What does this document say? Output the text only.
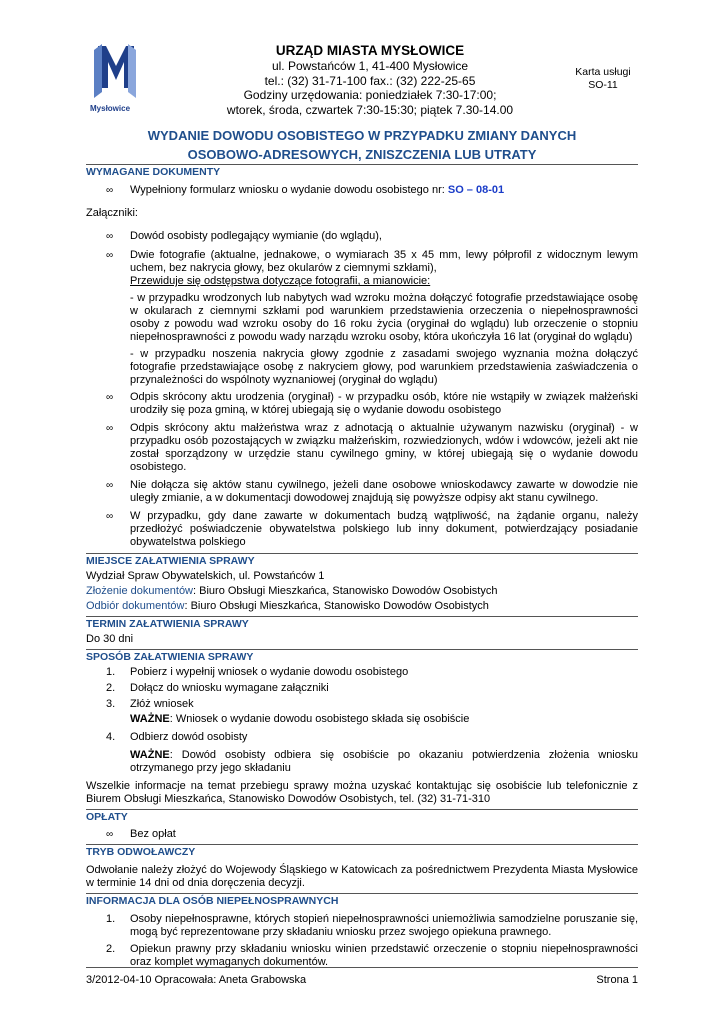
Mysłowice
URZĄD MIASTA MYSŁOWICE
ul. Powstańców 1, 41-400 Mysłowice
tel.: (32) 31-71-100 fax.: (32) 222-25-65
Godziny urzędowania: poniedziałek 7:30-17:00;
wtorek, środa, czwartek 7:30-15:30; piątek 7.30-14.00
Karta usługi
SO-11
WYDANIE DOWODU OSOBISTEGO W PRZYPADKU ZMIANY DANYCH
OSOBOWO-ADRESOWYCH, ZNISZCZENIA LUB UTRATY
WYMAGANE DOKUMENTY
∞ Wypełniony formularz wniosku o wydanie dowodu osobistego nr: SO – 08-01
Załączniki:
∞ Dowód osobisty podlegający wymianie (do wglądu),
∞ Dwie fotografie (aktualne, jednakowe, o wymiarach 35 x 45 mm, lewy półprofil z widocznym lewym uchem, bez nakrycia głowy, bez okularów z ciemnymi szkłami),
Przewiduje się odstępstwa dotyczące fotografii, a mianowicie:
- w przypadku wrodzonych lub nabytych wad wzroku można dołączyć fotografie przedstawiające osobę w okularach z ciemnymi szkłami pod warunkiem przedstawienia orzeczenia o niepełnosprawności osoby z powodu wad wzroku osoby do 16 roku życia (oryginał do wglądu) lub orzeczenie o stopniu niepełnosprawności z powodu wady narządu wzroku osoby, która ukończyła 16 lat (oryginał do wglądu)
- w przypadku noszenia nakrycia głowy zgodnie z zasadami swojego wyznania można dołączyć fotografie przedstawiające osobę z nakryciem głowy, pod warunkiem przedstawienia zaświadczenia o przynależności do wspólnoty wyznaniowej (oryginał do wglądu)
∞ Odpis skrócony aktu urodzenia (oryginał) - w przypadku osób, które nie wstąpiły w związek małżeński urodziły się poza gminą, w której ubiegają się o wydanie dowodu osobistego
∞ Odpis skrócony aktu małżeństwa wraz z adnotacją o aktualnie używanym nazwisku (oryginał) - w przypadku osób pozostających w związku małżeńskim, rozwiedzionych, wdów i wdowców, jeżeli akt nie został sporządzony w urzędzie stanu cywilnego gminy, w której ubiegają się o wydanie dowodu osobistego.
∞ Nie dołącza się aktów stanu cywilnego, jeżeli dane osobowe wnioskodawcy zawarte w dowodzie nie uległy zmianie, a w dokumentacji dowodowej znajdują się powyższe odpisy akt stanu cywilnego.
∞ W przypadku, gdy dane zawarte w dokumentach budzą wątpliwość, na żądanie organu, należy przedłożyć poświadczenie obywatelstwa polskiego lub inny dokument, potwierdzający posiadanie obywatelstwa polskiego
MIEJSCE ZAŁATWIENIA SPRAWY
Wydział Spraw Obywatelskich, ul. Powstańców 1
Złożenie dokumentów: Biuro Obsługi Mieszkańca, Stanowisko Dowodów Osobistych
Odbiór dokumentów: Biuro Obsługi Mieszkańca, Stanowisko Dowodów Osobistych
TERMIN ZAŁATWIENIA SPRAWY
Do 30 dni
SPOSÓB ZAŁATWIENIA SPRAWY
1. Pobierz i wypełnij wniosek o wydanie dowodu osobistego
2. Dołącz do wniosku wymagane załączniki
3. Złóż wniosek
WAŻNE: Wniosek o wydanie dowodu osobistego składa się osobiście
4. Odbierz dowód osobisty
WAŻNE: Dowód osobisty odbiera się osobiście po okazaniu potwierdzenia złożenia wniosku otrzymanego przy jego składaniu
Wszelkie informacje na temat przebiegu sprawy można uzyskać kontaktując się osobiście lub telefonicznie z Biurem Obsługi Mieszkańca, Stanowisko Dowodów Osobistych, tel. (32) 31-71-310
OPŁATY
∞ Bez opłat
TRYB ODWOŁAWCZY
Odwołanie należy złożyć do Wojewody Śląskiego w Katowicach za pośrednictwem Prezydenta Miasta Mysłowice w terminie 14 dni od dnia doręczenia decyzji.
INFORMACJA DLA OSÓB NIEPEŁNOSPRAWNYCH
1. Osoby niepełnosprawne, których stopień niepełnosprawności uniemożliwia samodzielne poruszanie się, mogą być reprezentowane przy składaniu wniosku przez swojego opiekuna prawnego.
2. Opiekun prawny przy składaniu wniosku winien przedstawić orzeczenie o stopniu niepełnosprawności oraz komplet wymaganych dokumentów.
3/2012-04-10 Opracowała: Aneta Grabowska	Strona 1
